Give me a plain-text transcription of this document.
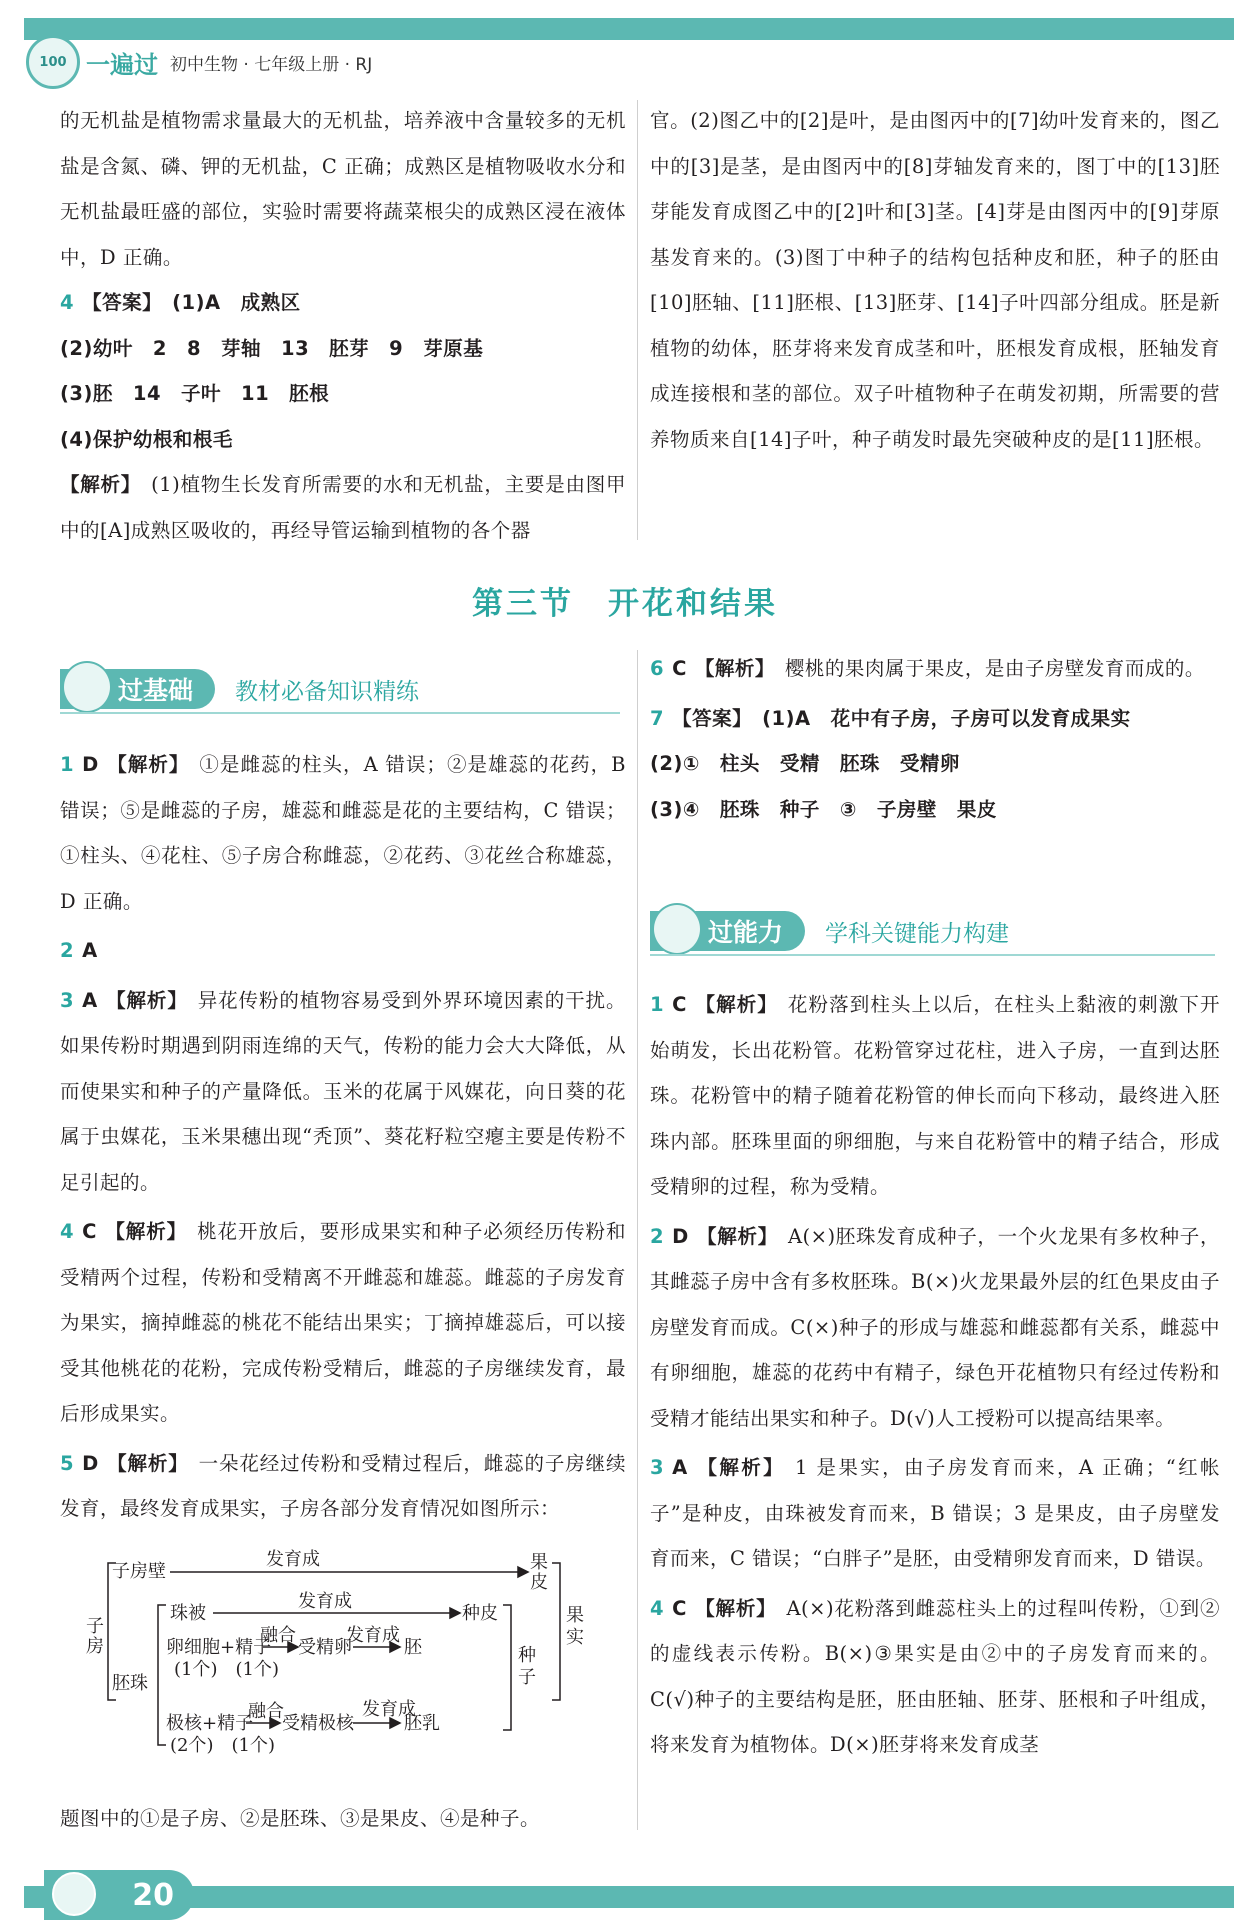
100 一遍过 初中生物 · 七年级上册 · RJ

的无机盐是植物需求量最大的无机盐，培养液中含量较多的无机盐是含氮、磷、钾的无机盐，C 正确；成熟区是植物吸收水分和无机盐最旺盛的部位，实验时需要将蔬菜根尖的成熟区浸在液体中，D 正确。

4 【答案】 (1)A　成熟区

(2)幼叶　2　8　芽轴　13　胚芽　9　芽原基

(3)胚　14　子叶　11　胚根

(4)保护幼根和根毛

【解析】 (1)植物生长发育所需要的水和无机盐，主要是由图甲中的[A]成熟区吸收的，再经导管运输到植物的各个器

官。(2)图乙中的[2]是叶，是由图丙中的[7]幼叶发育来的，图乙中的[3]是茎，是由图丙中的[8]芽轴发育来的，图丁中的[13]胚芽能发育成图乙中的[2]叶和[3]茎。[4]芽是由图丙中的[9]芽原基发育来的。(3)图丁中种子的结构包括种皮和胚，种子的胚由[10]胚轴、[11]胚根、[13]胚芽、[14]子叶四部分组成。胚是新植物的幼体，胚芽将来发育成茎和叶，胚根发育成根，胚轴发育成连接根和茎的部位。双子叶植物种子在萌发初期，所需要的营养物质来自[14]子叶，种子萌发时最先突破种皮的是[11]胚根。

第三节　开花和结果
过基础 教材必备知识精练

1 D 【解析】 ①是雌蕊的柱头，A 错误；②是雄蕊的花药，B 错误；⑤是雌蕊的子房，雄蕊和雌蕊是花的主要结构，C 错误；①柱头、④花柱、⑤子房合称雌蕊，②花药、③花丝合称雄蕊，D 正确。

2 A

3 A 【解析】 异花传粉的植物容易受到外界环境因素的干扰。如果传粉时期遇到阴雨连绵的天气，传粉的能力会大大降低，从而使果实和种子的产量降低。玉米的花属于风媒花，向日葵的花属于虫媒花，玉米果穗出现“秃顶”、葵花籽粒空瘪主要是传粉不足引起的。

4 C 【解析】 桃花开放后，要形成果实和种子必须经历传粉和受精两个过程，传粉和受精离不开雌蕊和雄蕊。雌蕊的子房发育为果实，摘掉雌蕊的桃花不能结出果实；丁摘掉雄蕊后，可以接受其他桃花的花粉，完成传粉受精后，雌蕊的子房继续发育，最后形成果实。

5 D 【解析】 一朵花经过传粉和受精过程后，雌蕊的子房继续发育，最终发育成果实，子房各部分发育情况如图所示：

子房
子房壁
发育成	果皮
果实
胚珠
珠被
发育成
种皮
卵细胞+精子
(1个)　(1个)
融合
受精卵
发育成
胚	种子
融合
极核+精子
(2个)　(1个)
受精极核
发育成
胚乳

题图中的①是子房、②是胚珠、③是果皮、④是种子。

6 C 【解析】 樱桃的果肉属于果皮，是由子房壁发育而成的。

7 【答案】 (1)A　花中有子房，子房可以发育成果实

(2)①　柱头　受精　胚珠　受精卵

(3)④　胚珠　种子　③　子房壁　果皮

过能力 学科关键能力构建

1 C 【解析】 花粉落到柱头上以后，在柱头上黏液的刺激下开始萌发，长出花粉管。花粉管穿过花柱，进入子房，一直到达胚珠。花粉管中的精子随着花粉管的伸长而向下移动，最终进入胚珠内部。胚珠里面的卵细胞，与来自花粉管中的精子结合，形成受精卵的过程，称为受精。

2 D 【解析】 A(×)胚珠发育成种子，一个火龙果有多枚种子，其雌蕊子房中含有多枚胚珠。B(×)火龙果最外层的红色果皮由子房壁发育而成。C(×)种子的形成与雄蕊和雌蕊都有关系，雌蕊中有卵细胞，雄蕊的花药中有精子，绿色开花植物只有经过传粉和受精才能结出果实和种子。D(√)人工授粉可以提高结果率。

3 A 【解析】 1 是果实，由子房发育而来，A 正确；“红帐子”是种皮，由珠被发育而来，B 错误；3 是果皮，由子房壁发育而来，C 错误；“白胖子”是胚，由受精卵发育而来，D 错误。

4 C 【解析】 A(×)花粉落到雌蕊柱头上的过程叫传粉，①到②的虚线表示传粉。B(×)③果实是由②中的子房发育而来的。C(√)种子的主要结构是胚，胚由胚轴、胚芽、胚根和子叶组成，将来发育为植物体。D(×)胚芽将来发育成茎

20
